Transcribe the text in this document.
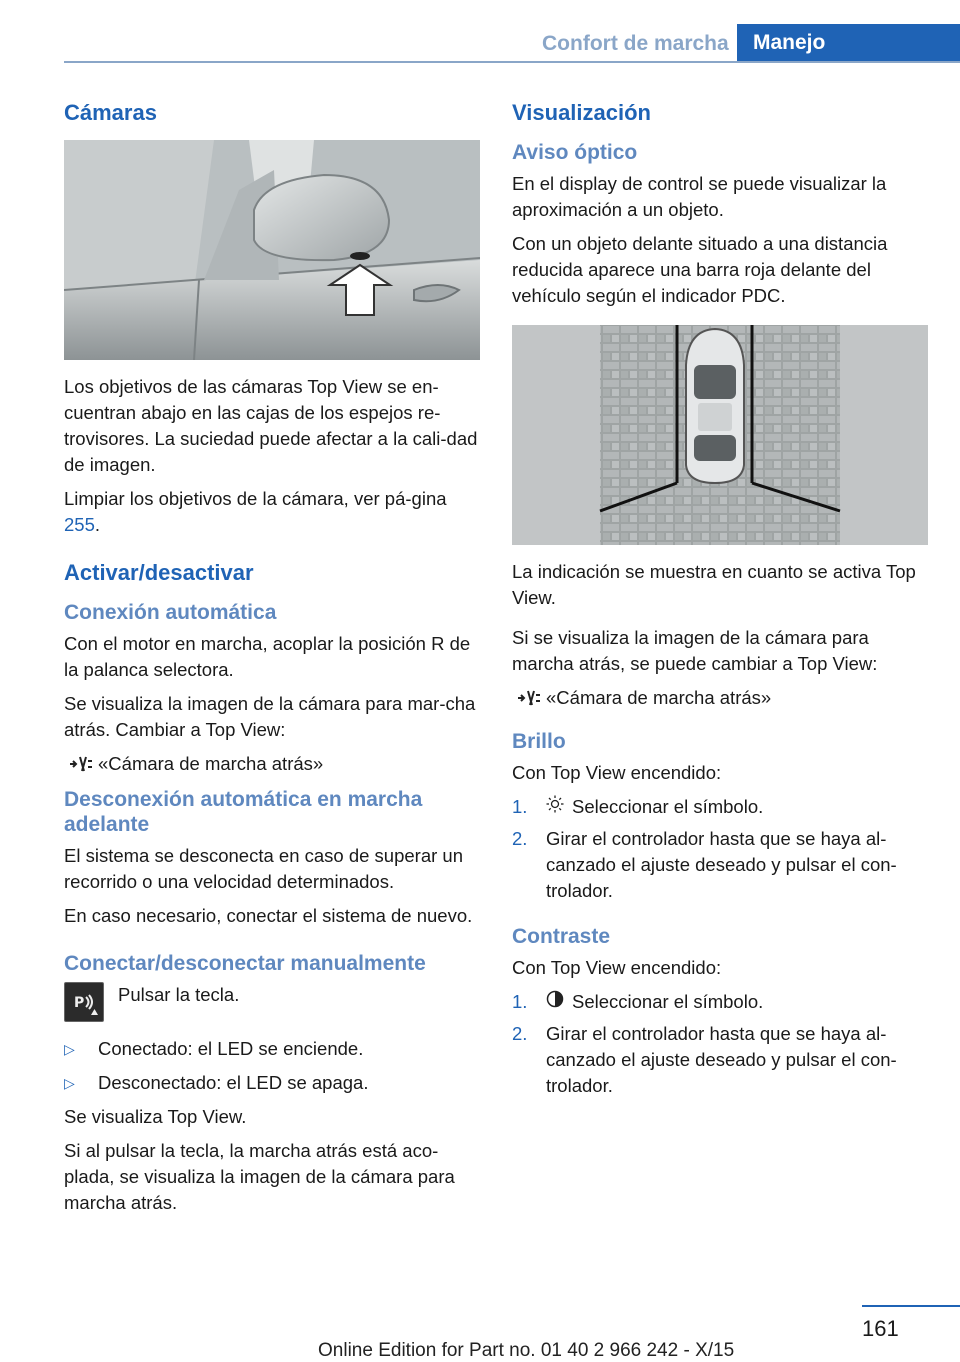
Confort de marcha	Manejo
Cámaras

Los objetivos de las cámaras Top View se en-cuentran abajo en las cajas de los espejos re-trovisores. La suciedad puede afectar a la cali-dad de imagen.

Limpiar los objetivos de la cámara, ver pá-gina 255.

Activar/desactivar
Conexión automática

Con el motor en marcha, acoplar la posición R de la palanca selectora.

Se visualiza la imagen de la cámara para mar-cha atrás. Cambiar a Top View:

«Cámara de marcha atrás»
Desconexión automática en marcha adelante

El sistema se desconecta en caso de superar un recorrido o una velocidad determinados.

En caso necesario, conectar el sistema de nuevo.

Conectar/desconectar manualmente
P Pulsar la tecla.
▷	Conectado: el LED se enciende.
▷	Desconectado: el LED se apaga.

Se visualiza Top View.

Si al pulsar la tecla, la marcha atrás está aco-plada, se visualiza la imagen de la cámara para marcha atrás.

Visualización
Aviso óptico

En el display de control se puede visualizar la aproximación a un objeto.

Con un objeto delante situado a una distancia reducida aparece una barra roja delante del vehículo según el indicador PDC.

La indicación se muestra en cuanto se activa Top View.

Si se visualiza la imagen de la cámara para marcha atrás, se puede cambiar a Top View:

«Cámara de marcha atrás»
Brillo

Con Top View encendido:

1.	Seleccionar el símbolo.
2.	Girar el controlador hasta que se haya al-canzado el ajuste deseado y pulsar el con-trolador.
Contraste

Con Top View encendido:

1.	Seleccionar el símbolo.
2.	Girar el controlador hasta que se haya al-canzado el ajuste deseado y pulsar el con-trolador.
161
Online Edition for Part no. 01 40 2 966 242 - X/15
